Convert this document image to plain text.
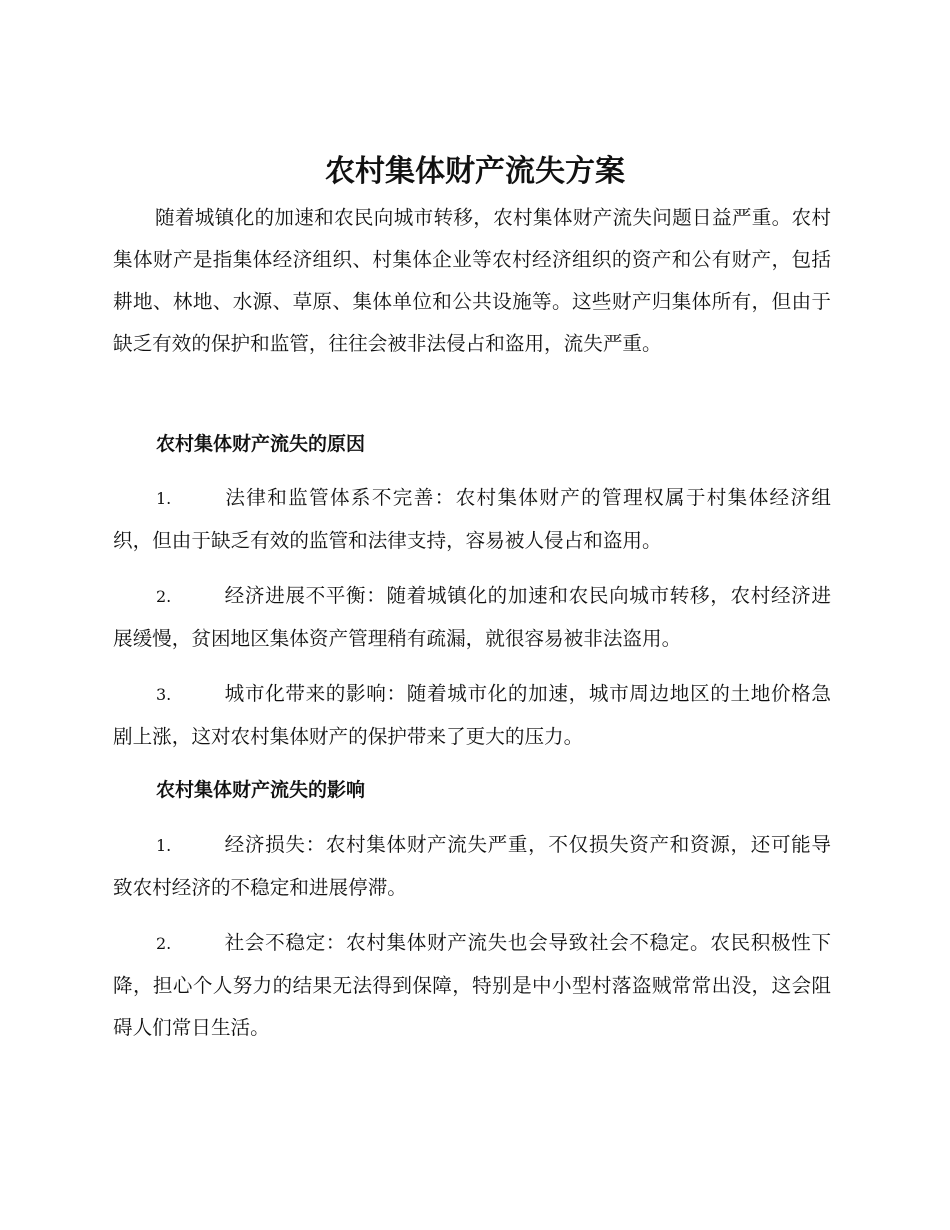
农村集体财产流失方案

随着城镇化的加速和农民向城市转移，农村集体财产流失问题日益严重。农村集体财产是指集体经济组织、村集体企业等农村经济组织的资产和公有财产，包括耕地、林地、水源、草原、集体单位和公共设施等。这些财产归集体所有，但由于缺乏有效的保护和监管，往往会被非法侵占和盗用，流失严重。

农村集体财产流失的原因

1.	法律和监管体系不完善：农村集体财产的管理权属于村集体经济组织，但由于缺乏有效的监管和法律支持，容易被人侵占和盗用。

2.	经济进展不平衡：随着城镇化的加速和农民向城市转移，农村经济进展缓慢，贫困地区集体资产管理稍有疏漏，就很容易被非法盗用。

3.	城市化带来的影响：随着城市化的加速，城市周边地区的土地价格急剧上涨，这对农村集体财产的保护带来了更大的压力。

农村集体财产流失的影响

1.	经济损失：农村集体财产流失严重，不仅损失资产和资源，还可能导致农村经济的不稳定和进展停滞。

2.	社会不稳定：农村集体财产流失也会导致社会不稳定。农民积极性下降，担心个人努力的结果无法得到保障，特别是中小型村落盗贼常常出没，这会阻碍人们常日生活。
